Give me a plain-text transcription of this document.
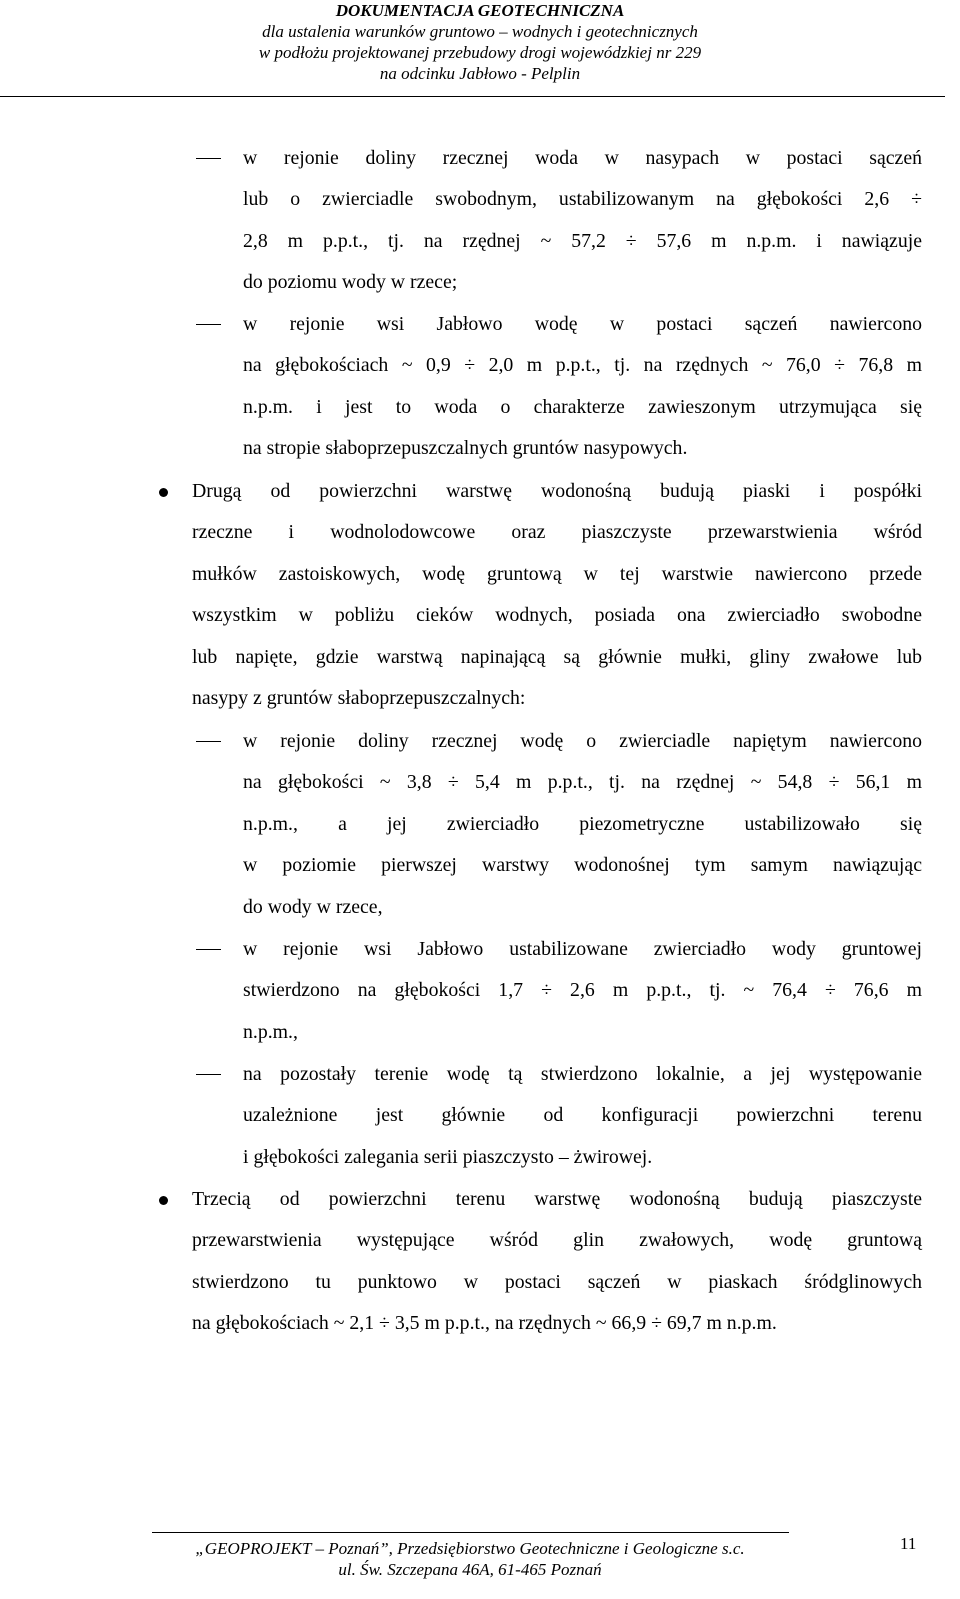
DOKUMENTACJA GEOTECHNICZNA
dla ustalenia warunków gruntowo – wodnych i geotechnicznych
w podłożu projektowanej przebudowy drogi wojewódzkiej nr 229
na odcinku Jabłowo - Pelplin
w rejonie doliny rzecznej woda w nasypach w postaci sączeń
lub o zwierciadle swobodnym, ustabilizowanym na głębokości 2,6 ÷
2,8 m p.p.t., tj. na rzędnej ~ 57,2 ÷ 57,6 m n.p.m. i nawiązuje
do poziomu wody w rzece;
w rejonie wsi Jabłowo wodę w postaci sączeń nawiercono
na głębokościach ~ 0,9 ÷ 2,0 m p.p.t., tj. na rzędnych ~ 76,0 ÷ 76,8 m
n.p.m. i jest to woda o charakterze zawieszonym utrzymująca się
na stropie słaboprzepuszczalnych gruntów nasypowych.
Drugą od powierzchni warstwę wodonośną budują piaski i pospółki
rzeczne i wodnolodowcowe oraz piaszczyste przewarstwienia wśród
mułków zastoiskowych, wodę gruntową w tej warstwie nawiercono przede
wszystkim w pobliżu cieków wodnych, posiada ona zwierciadło swobodne
lub napięte, gdzie warstwą napinającą są głównie mułki, gliny zwałowe lub
nasypy z gruntów słaboprzepuszczalnych:
w rejonie doliny rzecznej wodę o zwierciadle napiętym nawiercono
na głębokości ~ 3,8 ÷ 5,4 m p.p.t., tj. na rzędnej ~ 54,8 ÷ 56,1 m
n.p.m., a jej zwierciadło piezometryczne ustabilizowało się
w poziomie pierwszej warstwy wodonośnej tym samym nawiązując
do wody w rzece,
w rejonie wsi Jabłowo ustabilizowane zwierciadło wody gruntowej
stwierdzono na głębokości 1,7 ÷ 2,6 m p.p.t., tj. ~ 76,4 ÷ 76,6 m
n.p.m.,
na pozostały terenie wodę tą stwierdzono lokalnie, a jej występowanie
uzależnione jest głównie od konfiguracji powierzchni terenu
i głębokości zalegania serii piaszczysto – żwirowej.
Trzecią od powierzchni terenu warstwę wodonośną budują piaszczyste
przewarstwienia występujące wśród glin zwałowych, wodę gruntową
stwierdzono tu punktowo w postaci sączeń w piaskach śródglinowych
na głębokościach ~ 2,1 ÷ 3,5 m p.p.t., na rzędnych ~ 66,9 ÷ 69,7 m n.p.m.
„GEOPROJEKT – Poznań”, Przedsiębiorstwo Geotechniczne i Geologiczne s.c.
ul. Św. Szczepana 46A, 61-465 Poznań
11
